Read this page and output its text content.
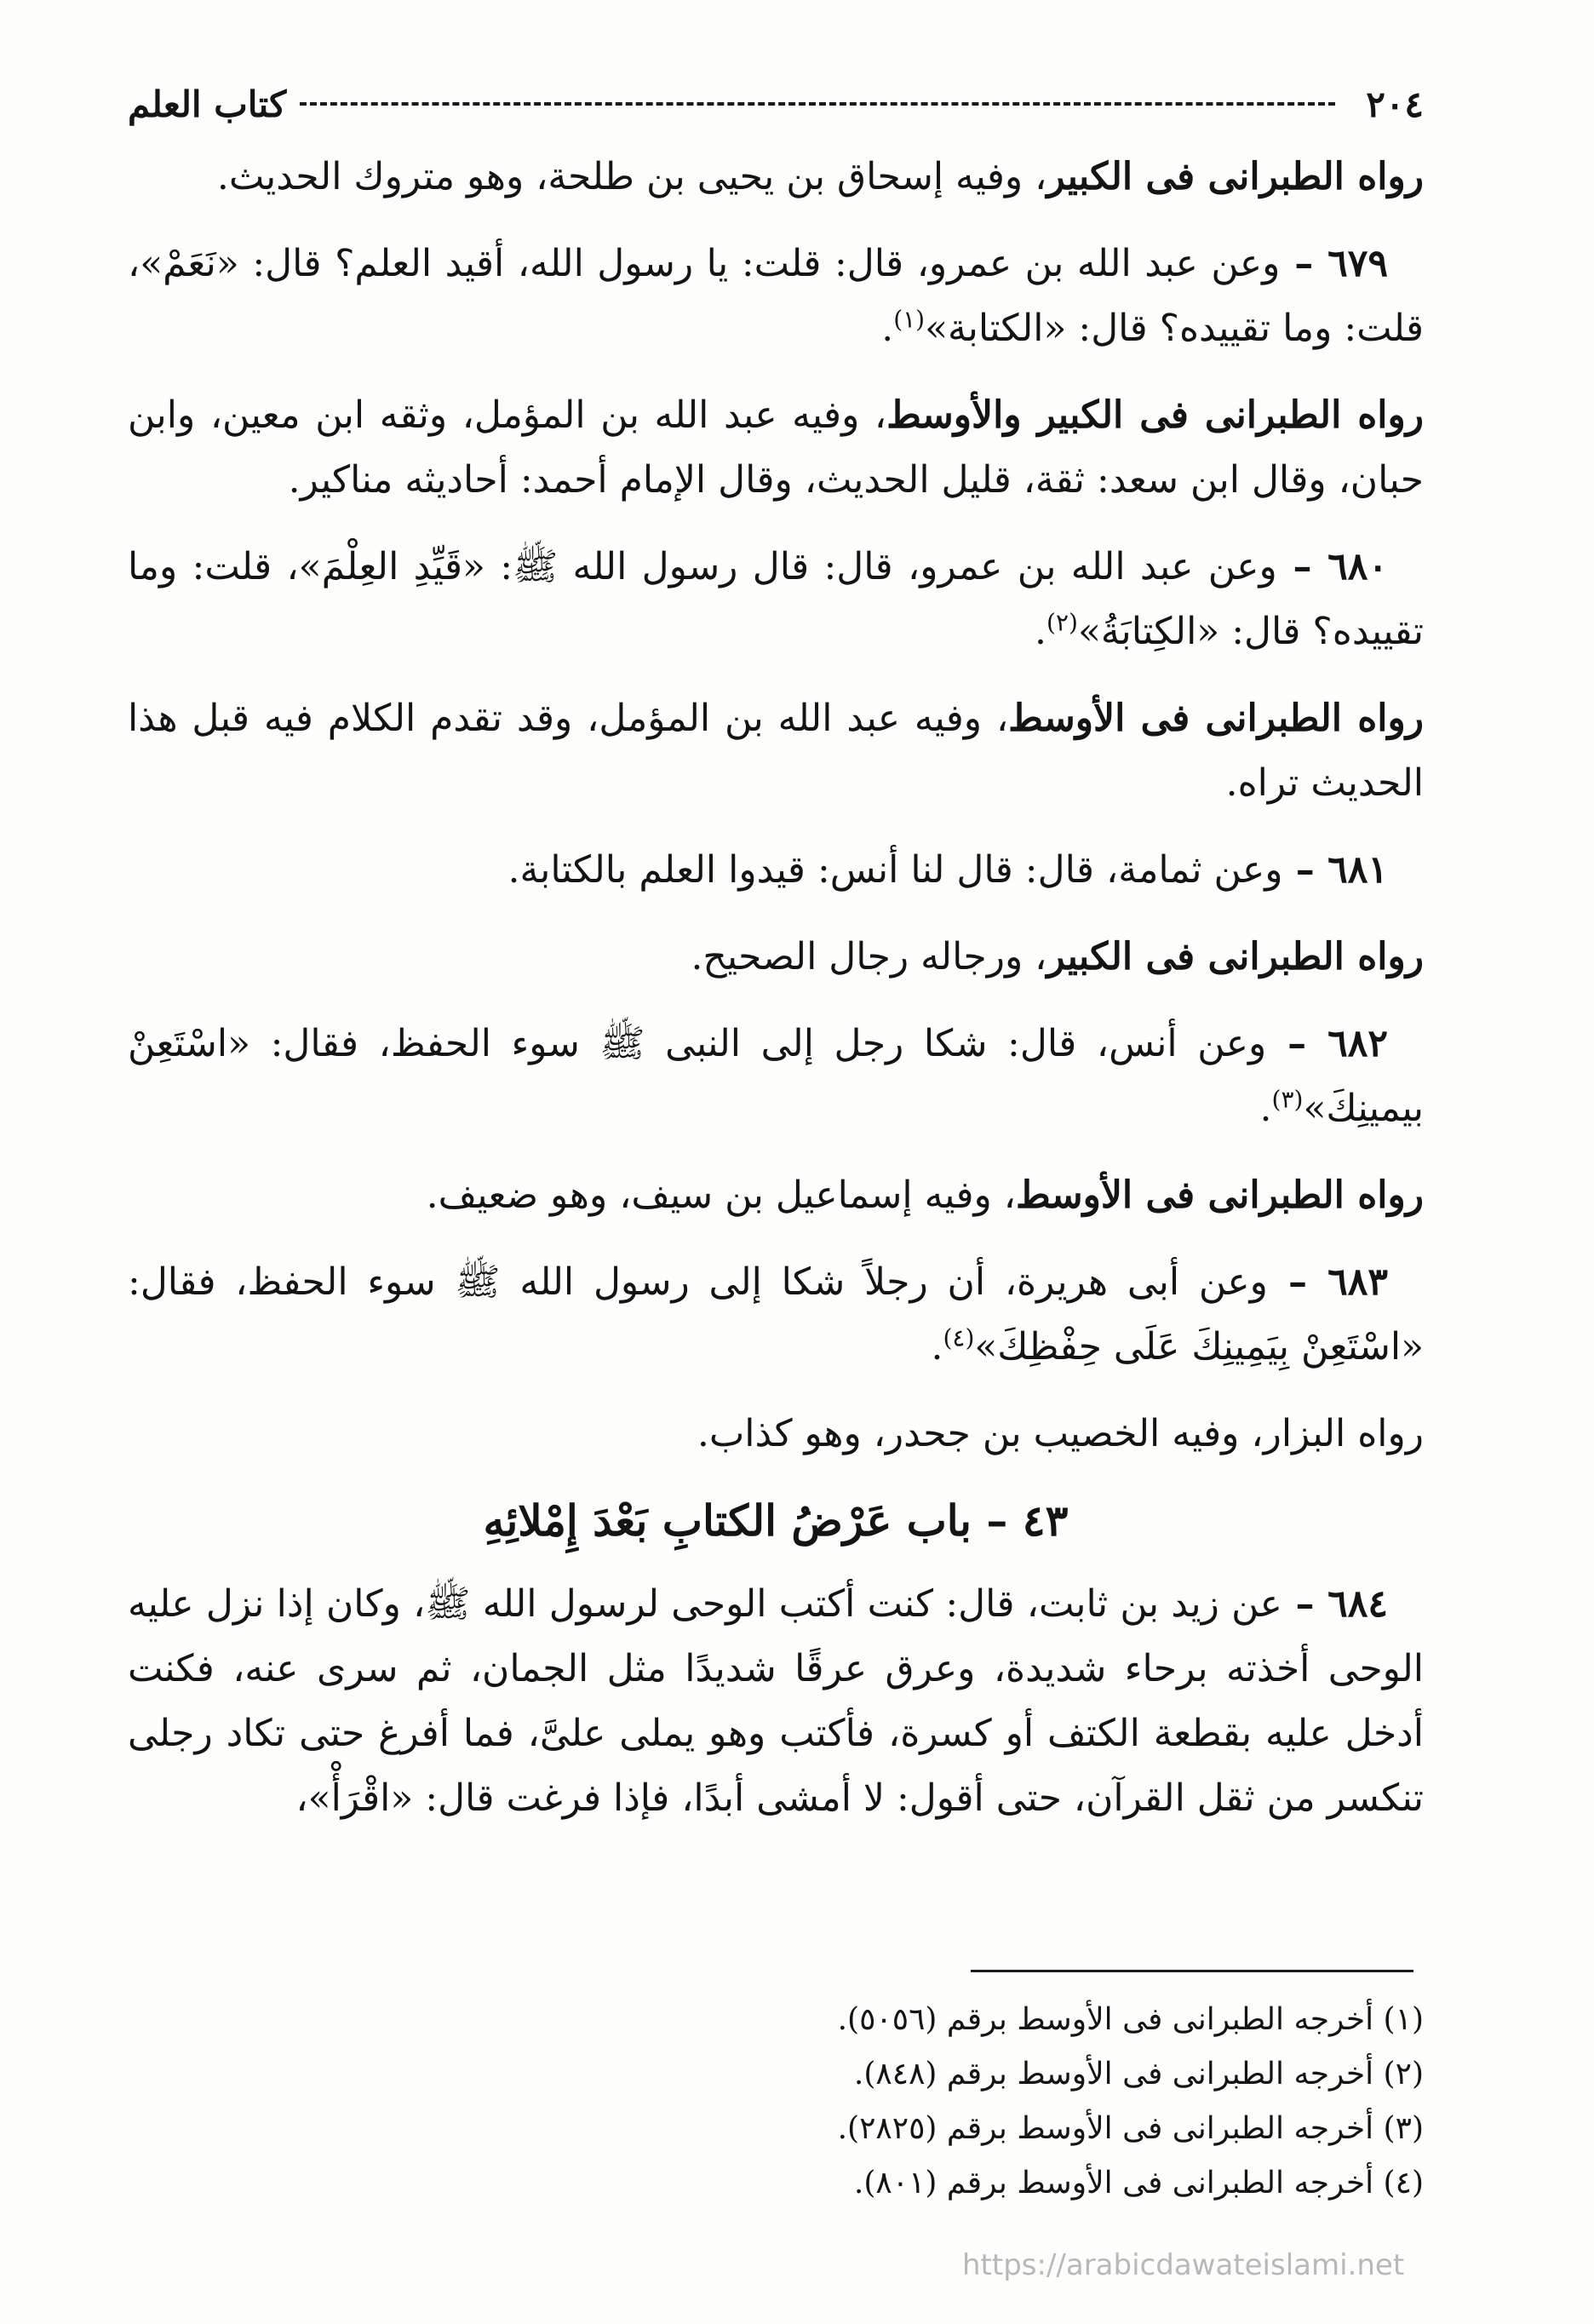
٢٠٤
كتاب العلم
رواه الطبرانى فى الكبير، وفيه إسحاق بن يحيى بن طلحة، وهو متروك الحديث.
٦٧٩ – وعن عبد الله بن عمرو، قال: قلت: يا رسول الله، أقيد العلم؟ قال: «نَعَمْ»، قلت: وما تقييده؟ قال: «الكتابة»$^{(١)}$.
رواه الطبرانى فى الكبير والأوسط، وفيه عبد الله بن المؤمل، وثقه ابن معين، وابن حبان، وقال ابن سعد: ثقة، قليل الحديث، وقال الإمام أحمد: أحاديثه مناكير.
٦٨٠ – وعن عبد الله بن عمرو، قال: قال رسول الله ﷺ: «قَيِّدِ العِلْمَ»، قلت: وما تقييده؟ قال: «الكِتابَةُ»$^{(٢)}$.
رواه الطبرانى فى الأوسط، وفيه عبد الله بن المؤمل، وقد تقدم الكلام فيه قبل هذا الحديث تراه.
٦٨١ – وعن ثمامة، قال: قال لنا أنس: قيدوا العلم بالكتابة.
رواه الطبرانى فى الكبير، ورجاله رجال الصحيح.
٦٨٢ – وعن أنس، قال: شكا رجل إلى النبى ﷺ سوء الحفظ، فقال: «اسْتَعِنْ بيمينِكَ»$^{(٣)}$.
رواه الطبرانى فى الأوسط، وفيه إسماعيل بن سيف، وهو ضعيف.
٦٨٣ – وعن أبى هريرة، أن رجلاً شكا إلى رسول الله ﷺ سوء الحفظ، فقال: «اسْتَعِنْ بِيَمِينِكَ عَلَى حِفْظِكَ»$^{(٤)}$.
رواه البزار، وفيه الخصيب بن جحدر، وهو كذاب.
٤٣ – باب عَرْضُ الكتابِ بَعْدَ إِمْلائِهِ
٦٨٤ – عن زيد بن ثابت، قال: كنت أكتب الوحى لرسول الله ﷺ، وكان إذا نزل عليه الوحى أخذته برحاء شديدة، وعرق عرقًا شديدًا مثل الجمان، ثم سرى عنه، فكنت أدخل عليه بقطعة الكتف أو كسرة، فأكتب وهو يملى علىَّ، فما أفرغ حتى تكاد رجلى تنكسر من ثقل القرآن، حتى أقول: لا أمشى أبدًا، فإذا فرغت قال: «اقْرَأْ»،
(١) أخرجه الطبرانى فى الأوسط برقم (٥٠٥٦).
(٢) أخرجه الطبرانى فى الأوسط برقم (٨٤٨).
(٣) أخرجه الطبرانى فى الأوسط برقم (٢٨٢٥).
(٤) أخرجه الطبرانى فى الأوسط برقم (٨٠١).
https://arabicdawateislami.net
